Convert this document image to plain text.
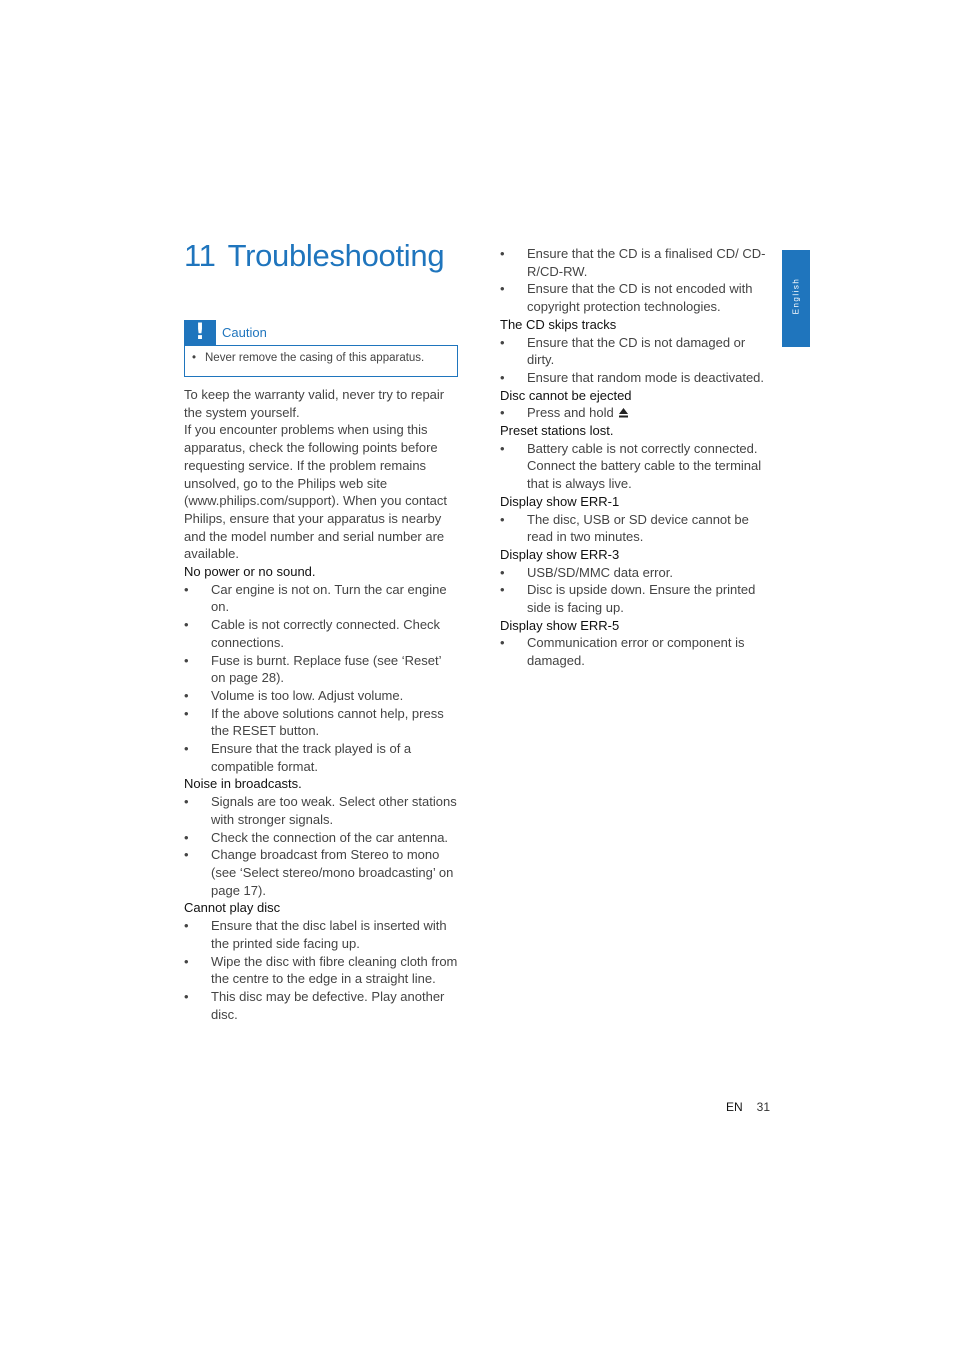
11 Troubleshooting
!	Caution
• Never remove the casing of this apparatus.

To keep the warranty valid, never try to repair the system yourself.

If you encounter problems when using this apparatus, check the following points before requesting service. If the problem remains unsolved, go to the Philips web site (www.philips.com/support). When you contact Philips, ensure that your apparatus is nearby and the model number and serial number are available.

No power or no sound.

•	Car engine is not on. Turn the car engine on.
•	Cable is not correctly connected. Check connections.
•	Fuse is burnt. Replace fuse (see ‘Reset’ on page 28).
•	Volume is too low. Adjust volume.
•	If the above solutions cannot help, press the RESET button.
•	Ensure that the track played is of a compatible format.

Noise in broadcasts.

•	Signals are too weak. Select other stations with stronger signals.
•	Check the connection of the car antenna.
•	Change broadcast from Stereo to mono (see ‘Select stereo/mono broadcasting’ on page 17).

Cannot play disc

•	Ensure that the disc label is inserted with the printed side facing up.
•	Wipe the disc with fibre cleaning cloth from the centre to the edge in a straight line.
•	This disc may be defective. Play another disc.
•	Ensure that the CD is a finalised CD/ CD-R/CD-RW.
•	Ensure that the CD is not encoded with copyright protection technologies.

The CD skips tracks

•	Ensure that the CD is not damaged or dirty.
•	Ensure that random mode is deactivated.

Disc cannot be ejected

•	Press and hold

Preset stations lost.

•	Battery cable is not correctly connected. Connect the battery cable to the terminal that is always live.

Display show ERR-1

•	The disc, USB or SD device cannot be read in two minutes.

Display show ERR-3

•	USB/SD/MMC data error.
•	Disc is upside down. Ensure the printed side is facing up.

Display show ERR-5

•	Communication error or component is damaged.
English
EN 31
